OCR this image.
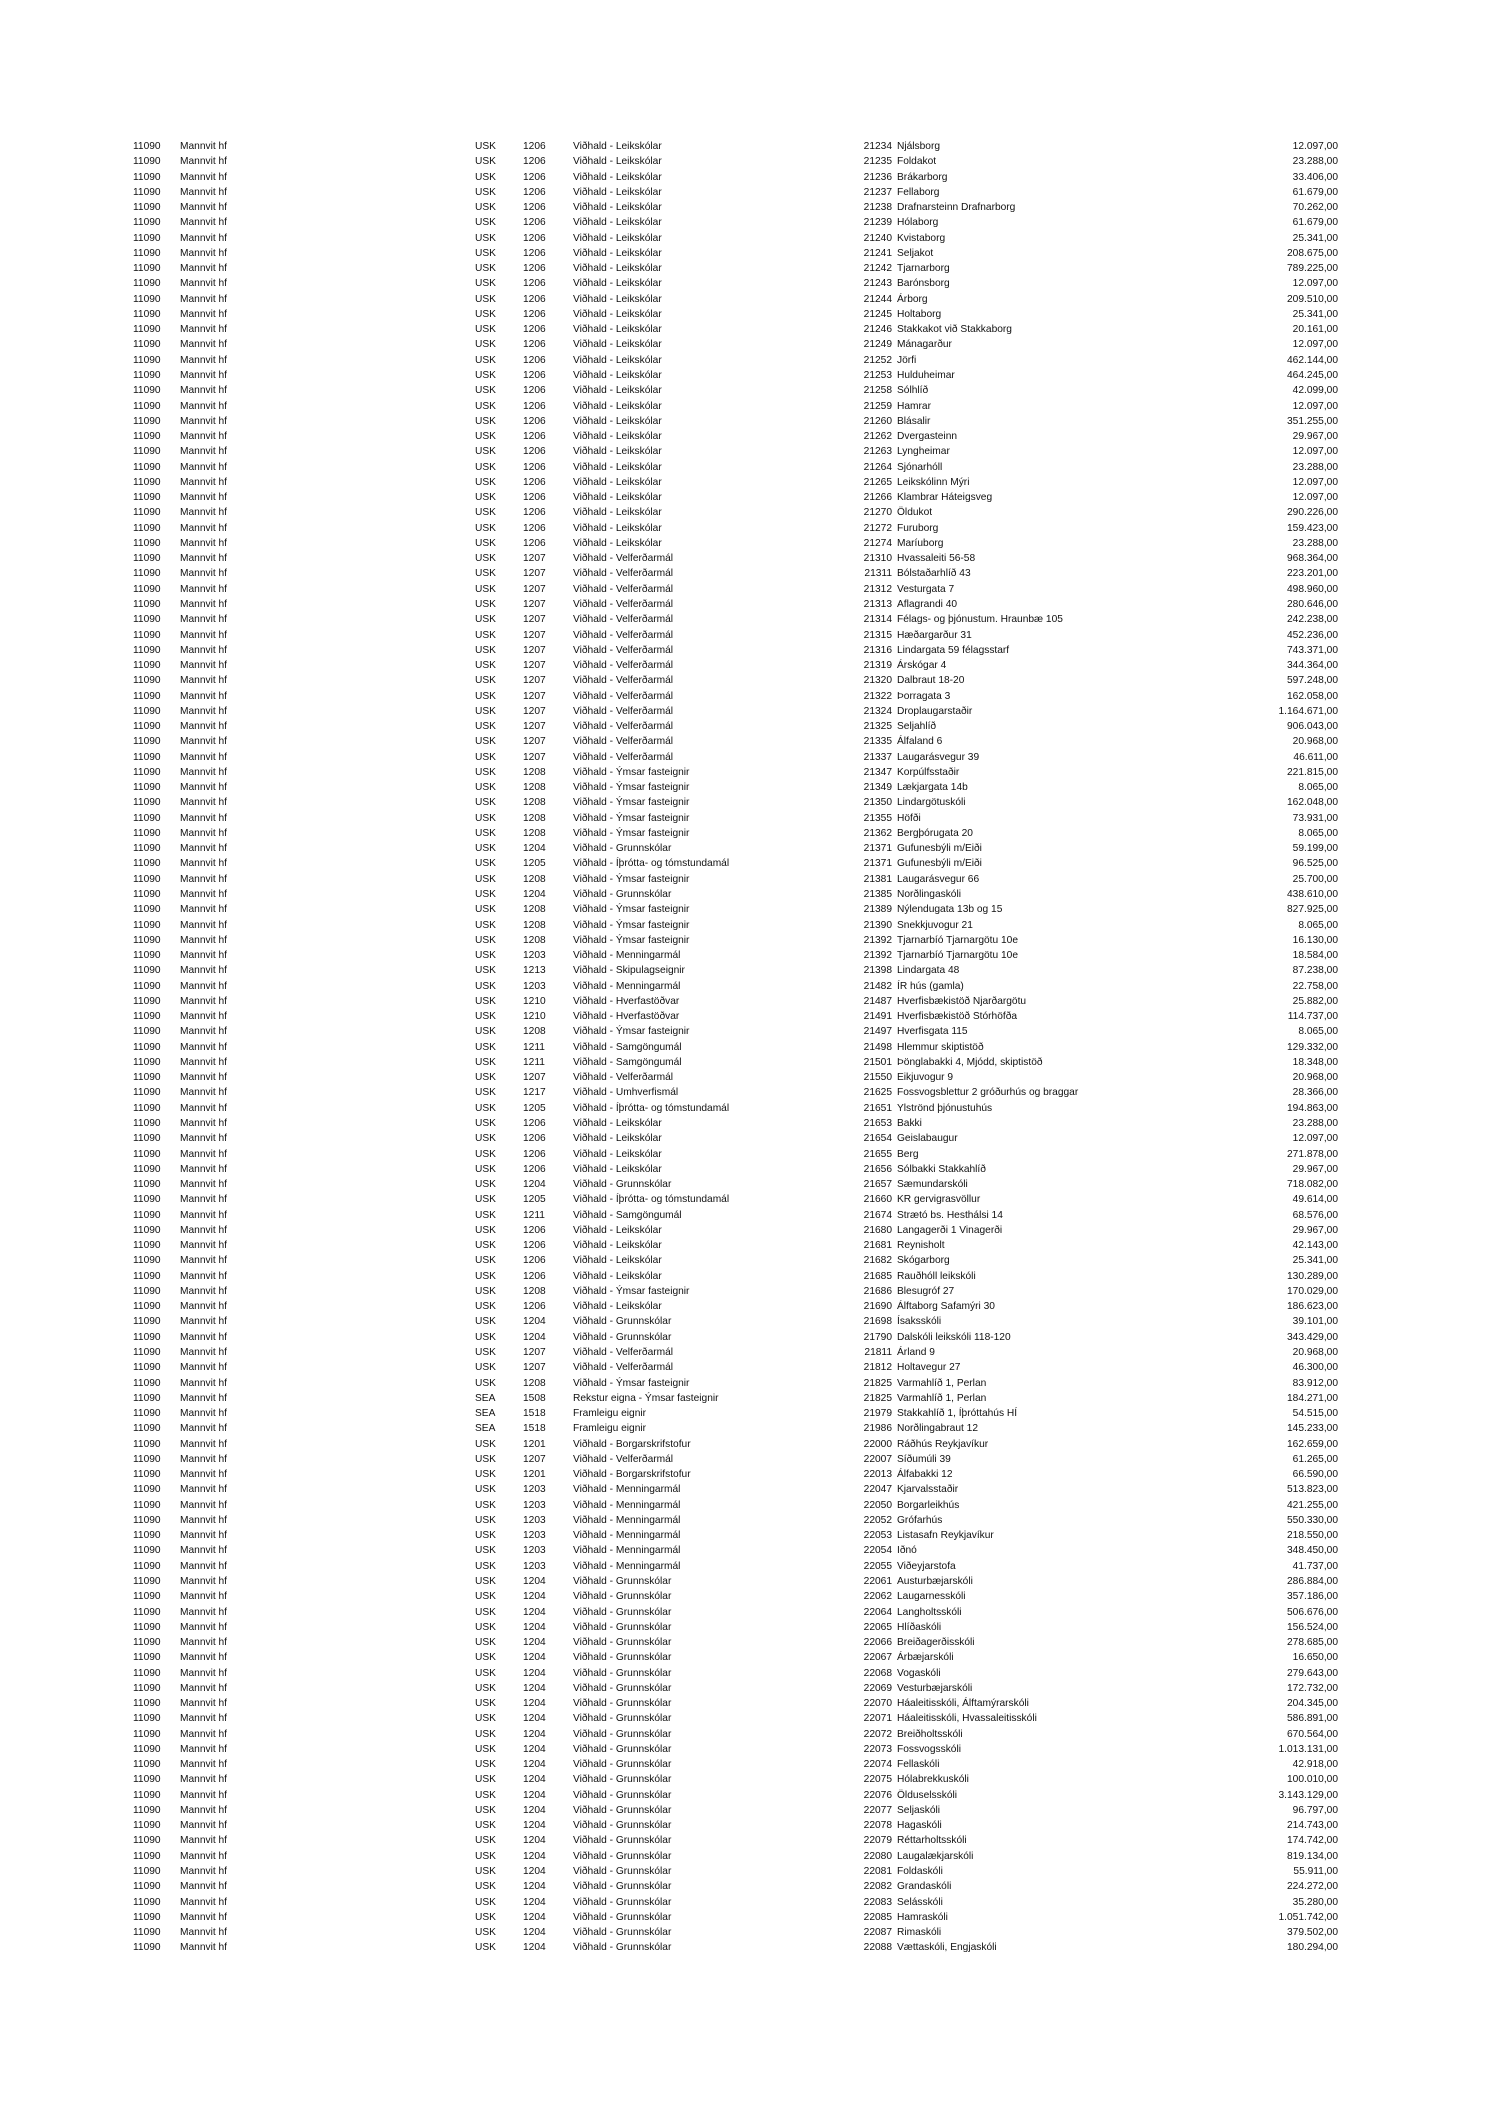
11090 Mannvit hf	USK	1206	Viðhald - Leikskólar	21234 Njálsborg	12.097,00
11090 Mannvit hf	USK	1206	Viðhald - Leikskólar	21235 Foldakot	23.288,00
11090 Mannvit hf	USK	1206	Viðhald - Leikskólar	21236 Brákarborg	33.406,00
11090 Mannvit hf	USK	1206	Viðhald - Leikskólar	21237 Fellaborg	61.679,00
11090 Mannvit hf	USK	1206	Viðhald - Leikskólar	21238 Drafnarsteinn Drafnarborg	70.262,00
11090 Mannvit hf	USK	1206	Viðhald - Leikskólar	21239 Hólaborg	61.679,00
11090 Mannvit hf	USK	1206	Viðhald - Leikskólar	21240 Kvistaborg	25.341,00
11090 Mannvit hf	USK	1206	Viðhald - Leikskólar	21241 Seljakot	208.675,00
11090 Mannvit hf	USK	1206	Viðhald - Leikskólar	21242 Tjarnarborg	789.225,00
11090 Mannvit hf	USK	1206	Viðhald - Leikskólar	21243 Barónsborg	12.097,00
11090 Mannvit hf	USK	1206	Viðhald - Leikskólar	21244 Árborg	209.510,00
11090 Mannvit hf	USK	1206	Viðhald - Leikskólar	21245 Holtaborg	25.341,00
11090 Mannvit hf	USK	1206	Viðhald - Leikskólar	21246 Stakkakot við Stakkaborg	20.161,00
11090 Mannvit hf	USK	1206	Viðhald - Leikskólar	21249 Mánagarður	12.097,00
11090 Mannvit hf	USK	1206	Viðhald - Leikskólar	21252 Jörfi	462.144,00
11090 Mannvit hf	USK	1206	Viðhald - Leikskólar	21253 Hulduheimar	464.245,00
11090 Mannvit hf	USK	1206	Viðhald - Leikskólar	21258 Sólhlíð	42.099,00
11090 Mannvit hf	USK	1206	Viðhald - Leikskólar	21259 Hamrar	12.097,00
11090 Mannvit hf	USK	1206	Viðhald - Leikskólar	21260 Blásalir	351.255,00
11090 Mannvit hf	USK	1206	Viðhald - Leikskólar	21262 Dvergasteinn	29.967,00
11090 Mannvit hf	USK	1206	Viðhald - Leikskólar	21263 Lyngheimar	12.097,00
11090 Mannvit hf	USK	1206	Viðhald - Leikskólar	21264 Sjónarhóll	23.288,00
11090 Mannvit hf	USK	1206	Viðhald - Leikskólar	21265 Leikskólinn Mýri	12.097,00
11090 Mannvit hf	USK	1206	Viðhald - Leikskólar	21266 Klambrar Háteigsveg	12.097,00
11090 Mannvit hf	USK	1206	Viðhald - Leikskólar	21270 Öldukot	290.226,00
11090 Mannvit hf	USK	1206	Viðhald - Leikskólar	21272 Furuborg	159.423,00
11090 Mannvit hf	USK	1206	Viðhald - Leikskólar	21274 Maríuborg	23.288,00
11090 Mannvit hf	USK	1207	Viðhald - Velferðarmál	21310 Hvassaleiti 56-58	968.364,00
11090 Mannvit hf	USK	1207	Viðhald - Velferðarmál	21311 Bólstaðarhlíð 43	223.201,00
11090 Mannvit hf	USK	1207	Viðhald - Velferðarmál	21312 Vesturgata 7	498.960,00
11090 Mannvit hf	USK	1207	Viðhald - Velferðarmál	21313 Aflagrandi 40	280.646,00
11090 Mannvit hf	USK	1207	Viðhald - Velferðarmál	21314 Félags- og þjónustum. Hraunbæ 105	242.238,00
11090 Mannvit hf	USK	1207	Viðhald - Velferðarmál	21315 Hæðargarður 31	452.236,00
11090 Mannvit hf	USK	1207	Viðhald - Velferðarmál	21316 Lindargata 59 félagsstarf	743.371,00
11090 Mannvit hf	USK	1207	Viðhald - Velferðarmál	21319 Árskógar 4	344.364,00
11090 Mannvit hf	USK	1207	Viðhald - Velferðarmál	21320 Dalbraut 18-20	597.248,00
11090 Mannvit hf	USK	1207	Viðhald - Velferðarmál	21322 Þorragata 3	162.058,00
11090 Mannvit hf	USK	1207	Viðhald - Velferðarmál	21324 Droplaugarstaðir	1.164.671,00
11090 Mannvit hf	USK	1207	Viðhald - Velferðarmál	21325 Seljahlíð	906.043,00
11090 Mannvit hf	USK	1207	Viðhald - Velferðarmál	21335 Álfaland 6	20.968,00
11090 Mannvit hf	USK	1207	Viðhald - Velferðarmál	21337 Laugarásvegur 39	46.611,00
11090 Mannvit hf	USK	1208	Viðhald - Ýmsar fasteignir	21347 Korpúlfsstaðir	221.815,00
11090 Mannvit hf	USK	1208	Viðhald - Ýmsar fasteignir	21349 Lækjargata 14b	8.065,00
11090 Mannvit hf	USK	1208	Viðhald - Ýmsar fasteignir	21350 Lindargötuskóli	162.048,00
11090 Mannvit hf	USK	1208	Viðhald - Ýmsar fasteignir	21355 Höfði	73.931,00
11090 Mannvit hf	USK	1208	Viðhald - Ýmsar fasteignir	21362 Bergþórugata 20	8.065,00
11090 Mannvit hf	USK	1204	Viðhald - Grunnskólar	21371 Gufunesbýli m/Eiði	59.199,00
11090 Mannvit hf	USK	1205	Viðhald - Íþrótta- og tómstundamál	21371 Gufunesbýli m/Eiði	96.525,00
11090 Mannvit hf	USK	1208	Viðhald - Ýmsar fasteignir	21381 Laugarásvegur 66	25.700,00
11090 Mannvit hf	USK	1204	Viðhald - Grunnskólar	21385 Norðlingaskóli	438.610,00
11090 Mannvit hf	USK	1208	Viðhald - Ýmsar fasteignir	21389 Nýlendugata 13b og 15	827.925,00
11090 Mannvit hf	USK	1208	Viðhald - Ýmsar fasteignir	21390 Snekkjuvogur 21	8.065,00
11090 Mannvit hf	USK	1208	Viðhald - Ýmsar fasteignir	21392 Tjarnarbíó Tjarnargötu 10e	16.130,00
11090 Mannvit hf	USK	1203	Viðhald - Menningarmál	21392 Tjarnarbíó Tjarnargötu 10e	18.584,00
11090 Mannvit hf	USK	1213	Viðhald - Skipulagseignir	21398 Lindargata 48	87.238,00
11090 Mannvit hf	USK	1203	Viðhald - Menningarmál	21482 ÍR hús (gamla)	22.758,00
11090 Mannvit hf	USK	1210	Viðhald - Hverfastöðvar	21487 Hverfisbækistöð Njarðargötu	25.882,00
11090 Mannvit hf	USK	1210	Viðhald - Hverfastöðvar	21491 Hverfisbækistöð Stórhöfða	114.737,00
11090 Mannvit hf	USK	1208	Viðhald - Ýmsar fasteignir	21497 Hverfisgata 115	8.065,00
11090 Mannvit hf	USK	1211	Viðhald - Samgöngumál	21498 Hlemmur skiptistöð	129.332,00
11090 Mannvit hf	USK	1211	Viðhald - Samgöngumál	21501 Þönglabakki 4, Mjódd, skiptistöð	18.348,00
11090 Mannvit hf	USK	1207	Viðhald - Velferðarmál	21550 Eikjuvogur 9	20.968,00
11090 Mannvit hf	USK	1217	Viðhald - Umhverfismál	21625 Fossvogsblettur 2 gróðurhús og braggar	28.366,00
11090 Mannvit hf	USK	1205	Viðhald - Íþrótta- og tómstundamál	21651 Ylströnd þjónustuhús	194.863,00
11090 Mannvit hf	USK	1206	Viðhald - Leikskólar	21653 Bakki	23.288,00
11090 Mannvit hf	USK	1206	Viðhald - Leikskólar	21654 Geislabaugur	12.097,00
11090 Mannvit hf	USK	1206	Viðhald - Leikskólar	21655 Berg	271.878,00
11090 Mannvit hf	USK	1206	Viðhald - Leikskólar	21656 Sólbakki Stakkahlíð	29.967,00
11090 Mannvit hf	USK	1204	Viðhald - Grunnskólar	21657 Sæmundarskóli	718.082,00
11090 Mannvit hf	USK	1205	Viðhald - Íþrótta- og tómstundamál	21660 KR gervigrasvöllur	49.614,00
11090 Mannvit hf	USK	1211	Viðhald - Samgöngumál	21674 Strætó bs. Hesthálsi 14	68.576,00
11090 Mannvit hf	USK	1206	Viðhald - Leikskólar	21680 Langagerði 1 Vinagerði	29.967,00
11090 Mannvit hf	USK	1206	Viðhald - Leikskólar	21681 Reynisholt	42.143,00
11090 Mannvit hf	USK	1206	Viðhald - Leikskólar	21682 Skógarborg	25.341,00
11090 Mannvit hf	USK	1206	Viðhald - Leikskólar	21685 Rauðhóll leikskóli	130.289,00
11090 Mannvit hf	USK	1208	Viðhald - Ýmsar fasteignir	21686 Blesugróf 27	170.029,00
11090 Mannvit hf	USK	1206	Viðhald - Leikskólar	21690 Álftaborg Safamýri 30	186.623,00
11090 Mannvit hf	USK	1204	Viðhald - Grunnskólar	21698 Ísaksskóli	39.101,00
11090 Mannvit hf	USK	1204	Viðhald - Grunnskólar	21790 Dalskóli leikskóli 118-120	343.429,00
11090 Mannvit hf	USK	1207	Viðhald - Velferðarmál	21811 Árland 9	20.968,00
11090 Mannvit hf	USK	1207	Viðhald - Velferðarmál	21812 Holtavegur 27	46.300,00
11090 Mannvit hf	USK	1208	Viðhald - Ýmsar fasteignir	21825 Varmahlíð 1, Perlan	83.912,00
11090 Mannvit hf	SEA	1508	Rekstur eigna - Ýmsar fasteignir	21825 Varmahlíð 1, Perlan	184.271,00
11090 Mannvit hf	SEA	1518	Framleigu eignir	21979 Stakkahlíð 1, Íþróttahús HÍ	54.515,00
11090 Mannvit hf	SEA	1518	Framleigu eignir	21986 Norðlingabraut 12	145.233,00
11090 Mannvit hf	USK	1201	Viðhald - Borgarskrifstofur	22000 Ráðhús Reykjavíkur	162.659,00
11090 Mannvit hf	USK	1207	Viðhald - Velferðarmál	22007 Síðumúli 39	61.265,00
11090 Mannvit hf	USK	1201	Viðhald - Borgarskrifstofur	22013 Álfabakki 12	66.590,00
11090 Mannvit hf	USK	1203	Viðhald - Menningarmál	22047 Kjarvalsstaðir	513.823,00
11090 Mannvit hf	USK	1203	Viðhald - Menningarmál	22050 Borgarleikhús	421.255,00
11090 Mannvit hf	USK	1203	Viðhald - Menningarmál	22052 Grófarhús	550.330,00
11090 Mannvit hf	USK	1203	Viðhald - Menningarmál	22053 Listasafn Reykjavíkur	218.550,00
11090 Mannvit hf	USK	1203	Viðhald - Menningarmál	22054 Iðnó	348.450,00
11090 Mannvit hf	USK	1203	Viðhald - Menningarmál	22055 Viðeyjarstofa	41.737,00
11090 Mannvit hf	USK	1204	Viðhald - Grunnskólar	22061 Austurbæjarskóli	286.884,00
11090 Mannvit hf	USK	1204	Viðhald - Grunnskólar	22062 Laugarnesskóli	357.186,00
11090 Mannvit hf	USK	1204	Viðhald - Grunnskólar	22064 Langholtsskóli	506.676,00
11090 Mannvit hf	USK	1204	Viðhald - Grunnskólar	22065 Hlíðaskóli	156.524,00
11090 Mannvit hf	USK	1204	Viðhald - Grunnskólar	22066 Breiðagerðisskóli	278.685,00
11090 Mannvit hf	USK	1204	Viðhald - Grunnskólar	22067 Árbæjarskóli	16.650,00
11090 Mannvit hf	USK	1204	Viðhald - Grunnskólar	22068 Vogaskóli	279.643,00
11090 Mannvit hf	USK	1204	Viðhald - Grunnskólar	22069 Vesturbæjarskóli	172.732,00
11090 Mannvit hf	USK	1204	Viðhald - Grunnskólar	22070 Háaleitisskóli, Álftamýrarskóli	204.345,00
11090 Mannvit hf	USK	1204	Viðhald - Grunnskólar	22071 Háaleitisskóli, Hvassaleitisskóli	586.891,00
11090 Mannvit hf	USK	1204	Viðhald - Grunnskólar	22072 Breiðholtsskóli	670.564,00
11090 Mannvit hf	USK	1204	Viðhald - Grunnskólar	22073 Fossvogsskóli	1.013.131,00
11090 Mannvit hf	USK	1204	Viðhald - Grunnskólar	22074 Fellaskóli	42.918,00
11090 Mannvit hf	USK	1204	Viðhald - Grunnskólar	22075 Hólabrekkuskóli	100.010,00
11090 Mannvit hf	USK	1204	Viðhald - Grunnskólar	22076 Ölduselsskóli	3.143.129,00
11090 Mannvit hf	USK	1204	Viðhald - Grunnskólar	22077 Seljaskóli	96.797,00
11090 Mannvit hf	USK	1204	Viðhald - Grunnskólar	22078 Hagaskóli	214.743,00
11090 Mannvit hf	USK	1204	Viðhald - Grunnskólar	22079 Réttarholtsskóli	174.742,00
11090 Mannvit hf	USK	1204	Viðhald - Grunnskólar	22080 Laugalækjarskóli	819.134,00
11090 Mannvit hf	USK	1204	Viðhald - Grunnskólar	22081 Foldaskóli	55.911,00
11090 Mannvit hf	USK	1204	Viðhald - Grunnskólar	22082 Grandaskóli	224.272,00
11090 Mannvit hf	USK	1204	Viðhald - Grunnskólar	22083 Selásskóli	35.280,00
11090 Mannvit hf	USK	1204	Viðhald - Grunnskólar	22085 Hamraskóli	1.051.742,00
11090 Mannvit hf	USK	1204	Viðhald - Grunnskólar	22087 Rimaskóli	379.502,00
11090 Mannvit hf	USK	1204	Viðhald - Grunnskólar	22088 Vættaskóli, Engjaskóli	180.294,00
